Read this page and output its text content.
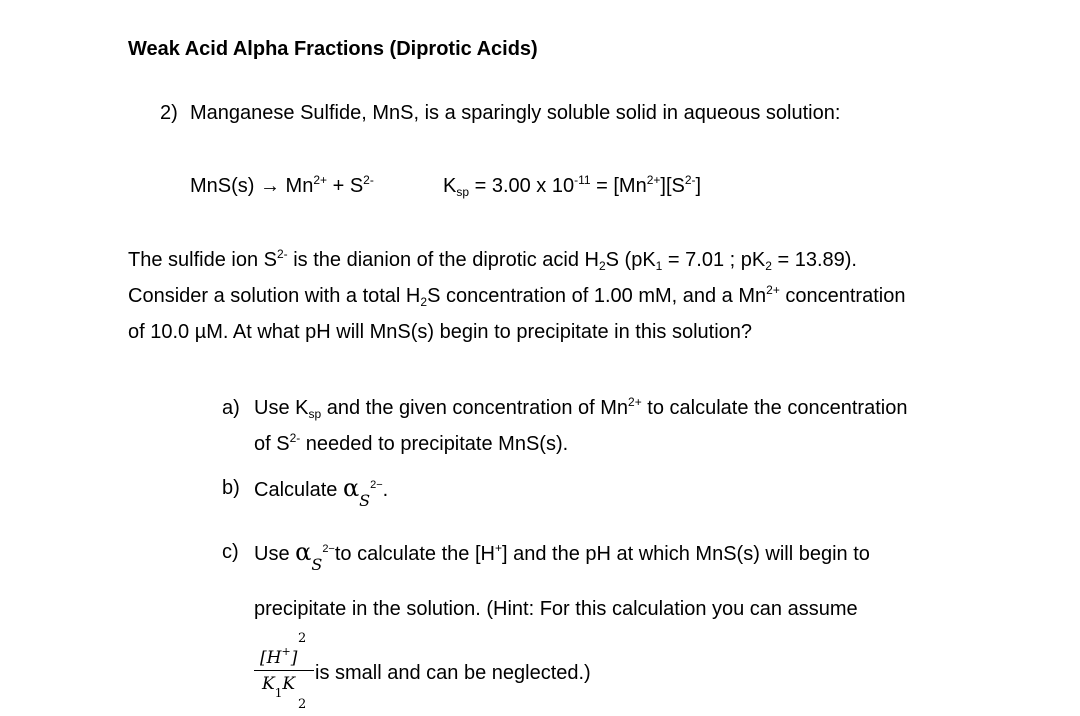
Weak Acid Alpha Fractions (Diprotic Acids)
2) Manganese Sulfide, MnS, is a sparingly soluble solid in aqueous solution:
$MnS(s) \to Mn^{2+} + S^{2-}$	$K_{sp} = 3.00$ x $10^{-11} = [Mn^{2+}][S^{2-}]$
The sulfide ion $S^{2-}$ is the dianion of the diprotic acid $H_2S$ ($pK_1 = 7.01$ ; $pK_2 = 13.89$).
Consider a solution with a total $H_2S$ concentration of 1.00 mM, and a $Mn^{2+}$ concentration
of 10.0 µM. At what pH will MnS(s) begin to precipitate in this solution?
a) Use $K_{sp}$ and the given concentration of $Mn^{2+}$ to calculate the concentration
of $S^{2-}$ needed to precipitate MnS(s).
b) Calculate $\alpha_S^{2-}$.
c) Use $\alpha_S^{2-}to$ calculate the [H+] and the pH at which MnS(s) will begin to
precipitate in the solution. (Hint: For this calculation you can assume
[H+]
2
$K_1K$
2
is small and can be neglected.)
